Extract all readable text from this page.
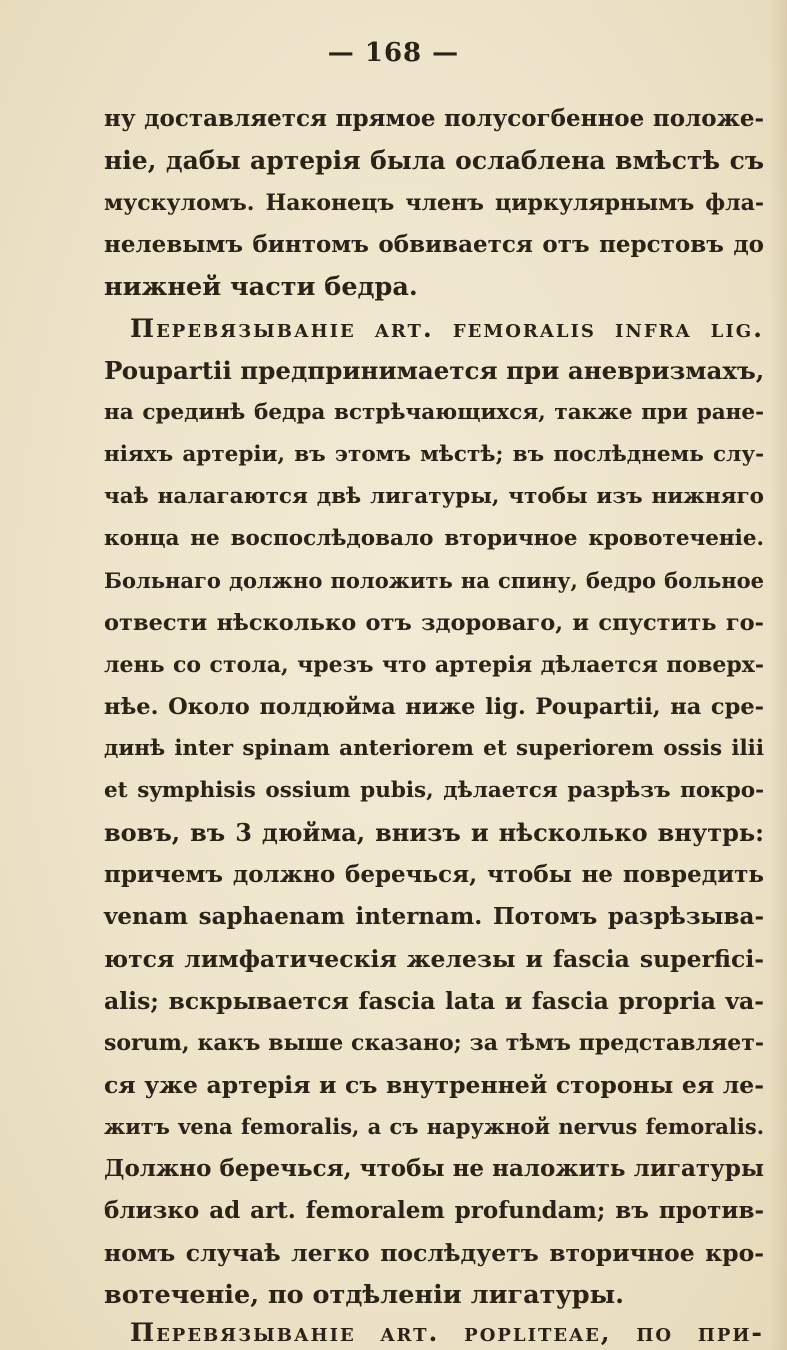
— 168 —
ну доставляется прямое полусогбенное положе-
ніе, дабы артерія была ослаблена вмѣстѣ съ
мускуломъ. Наконецъ членъ циркулярнымъ фла-
нелевымъ бинтомъ обвивается отъ перстовъ до
нижней части бедра.
Перевязываніе art. femoralis infra lig.
Poupartii предпринимается при аневризмахъ,
на срединѣ бедра встрѣчающихся, также при ране-
ніяхъ артеріи, въ этомъ мѣстѣ; въ послѣднемь слу-
чаѣ налагаются двѣ лигатуры, чтобы изъ нижняго
конца не воспослѣдовало вторичное кровотеченіе.
Больнаго должно положить на спину, бедро больное
отвести нѣсколько отъ здороваго, и спустить го-
лень со стола, чрезъ что артерія дѣлается поверх-
нѣе. Около полдюйма ниже lig. Poupartii, на сре-
динѣ inter spinam anteriorem et superiorem ossis ilii
et symphisis ossium pubis, дѣлается разрѣзъ покро-
вовъ, въ 3 дюйма, внизъ и нѣсколько внутрь:
причемъ должно беречься, чтобы не повредить
venam saphaenam internam. Потомъ разрѣзыва-
ются лимфатическія железы и fascia superfici-
alis; вскрывается fascia lata и fascia propria va-
sorum, какъ выше сказано; за тѣмъ представляет-
ся уже артерія и съ внутренней стороны ея ле-
житъ vena femoralis, а съ наружной nervus femoralis.
Должно беречься, чтобы не наложить лигатуры
близко ad art. femoralem profundam; въ против-
номъ случаѣ легко послѣдуетъ вторичное кро-
вотеченіе, по отдѣленіи лигатуры.
Перевязываніе art. popliteae, по при-
